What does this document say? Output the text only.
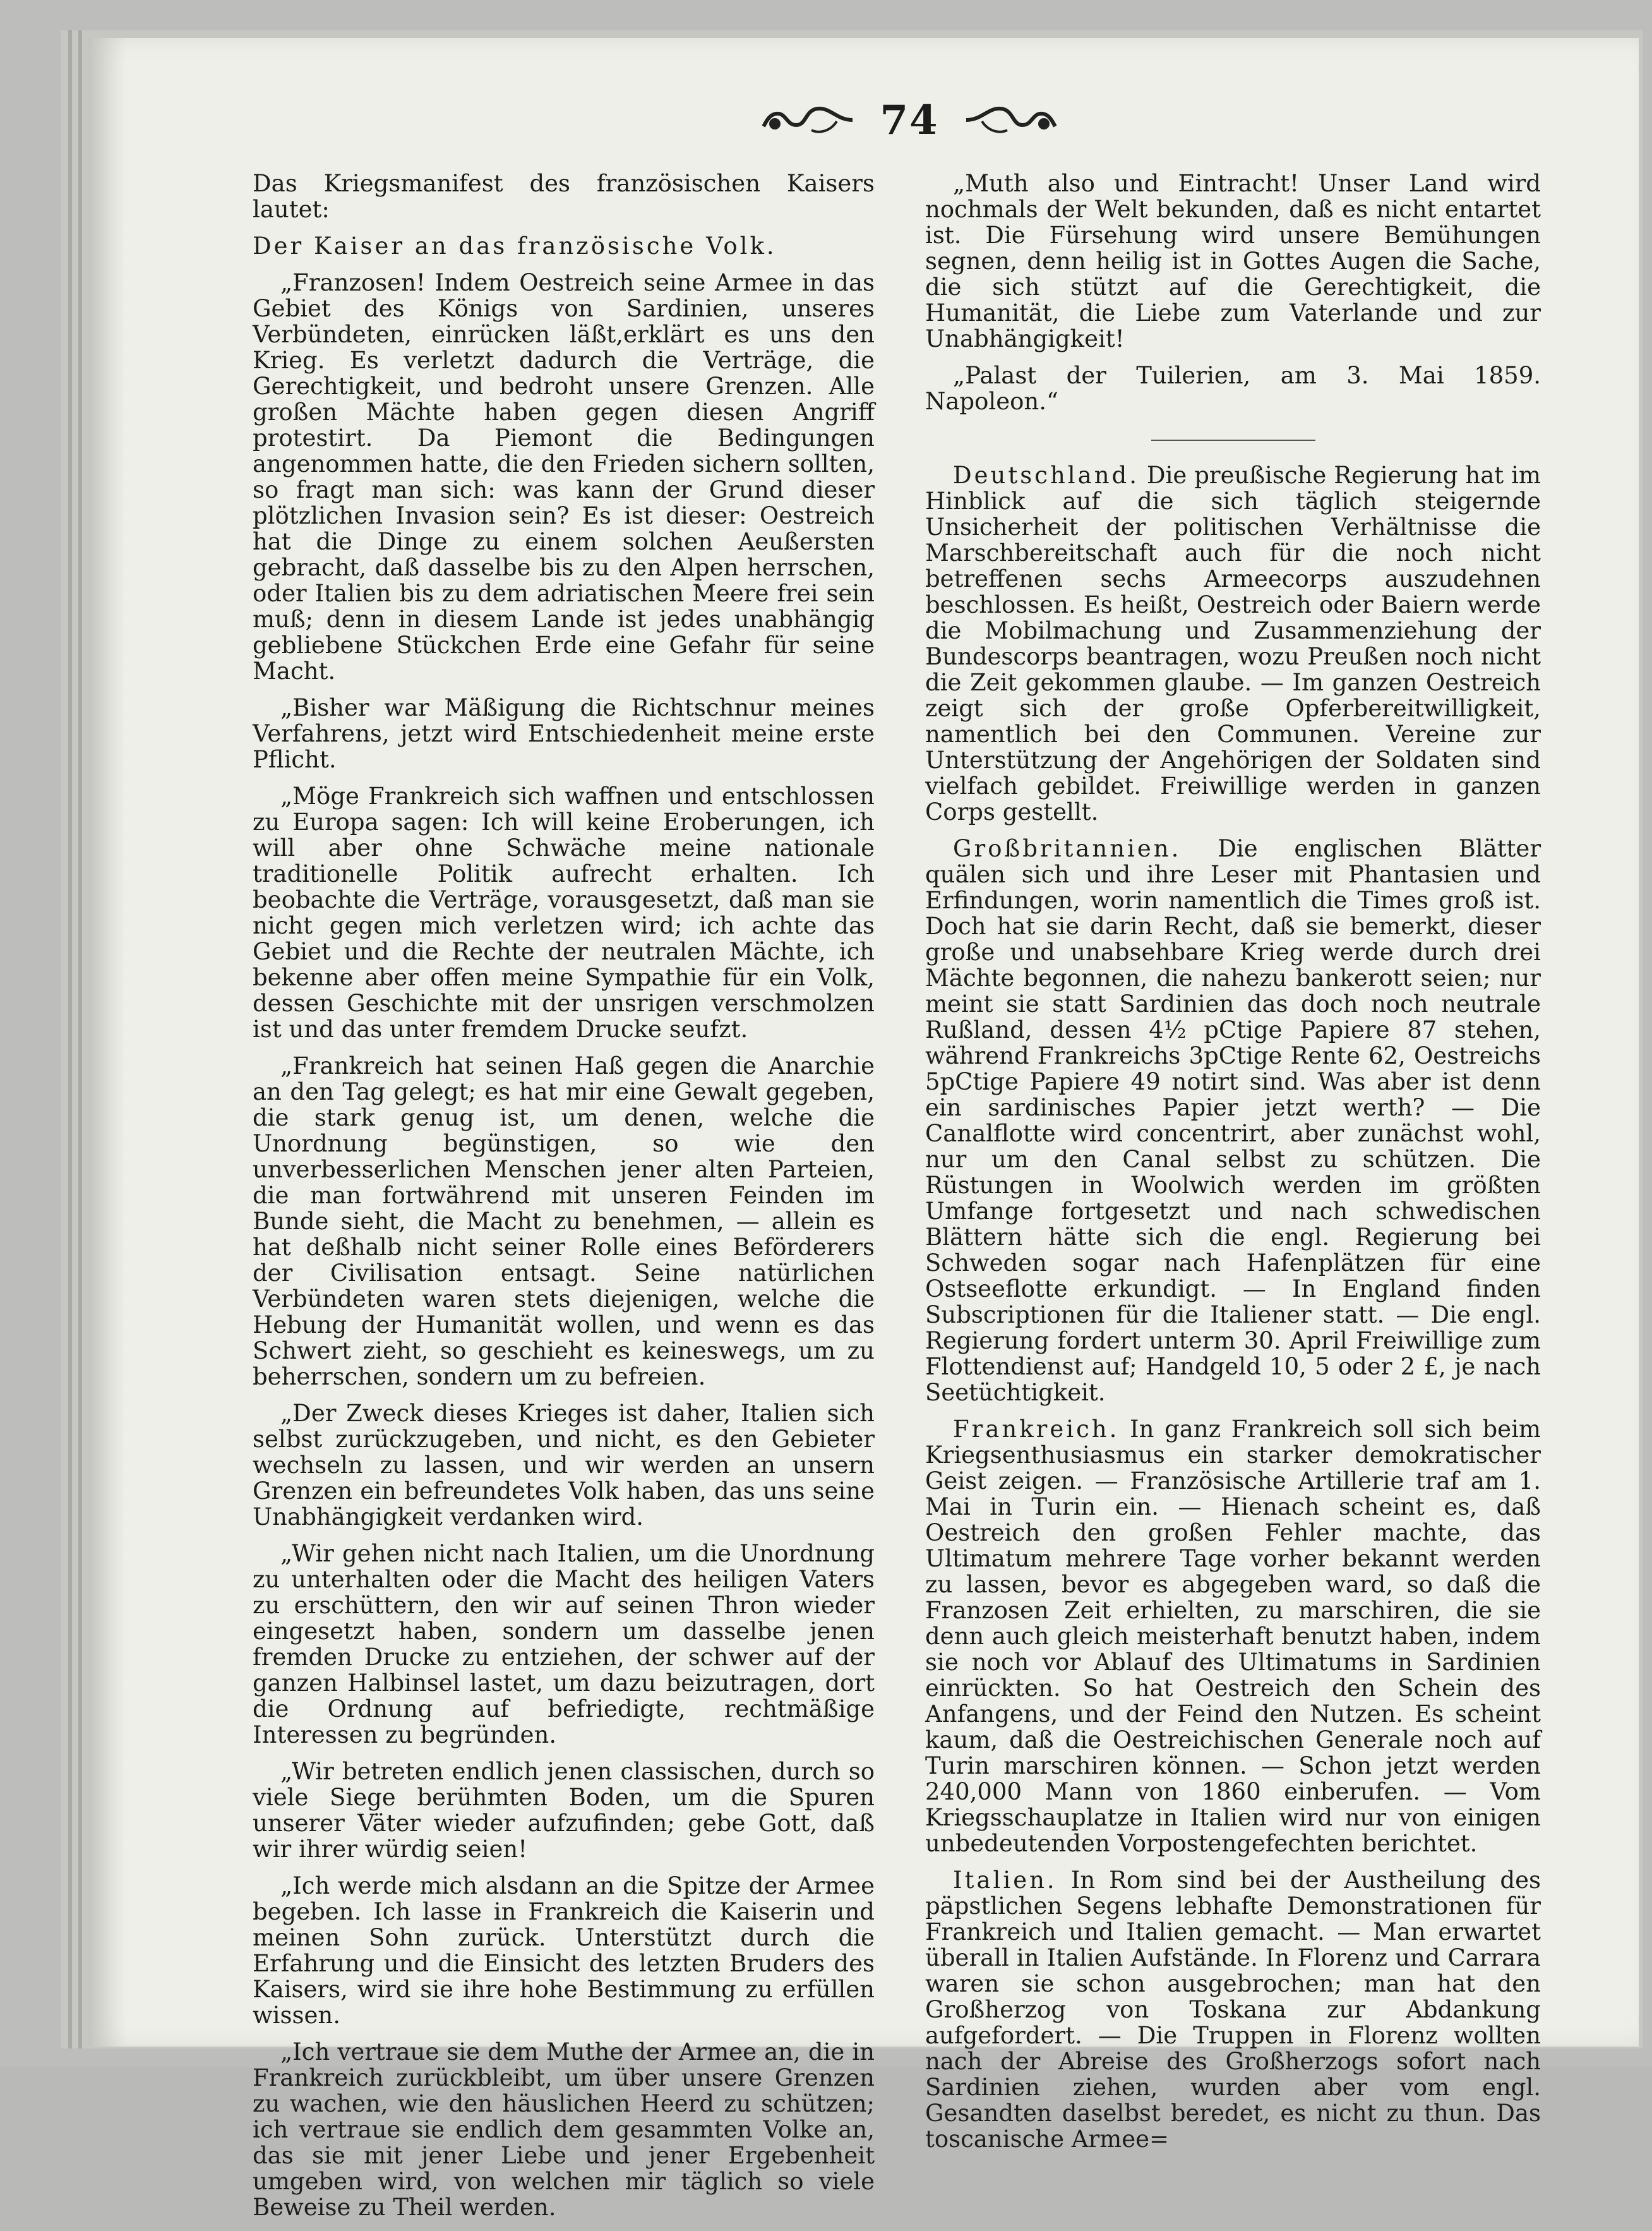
74

Das Kriegsmanifest des französischen Kaisers lautet:

Der Kaiser an das französische Volk.

„Franzosen! Indem Oestreich seine Armee in das Gebiet des Königs von Sardinien, unseres Verbündeten, einrücken läßt,erklärt es uns den Krieg. Es verletzt dadurch die Verträge, die Gerechtigkeit, und bedroht unsere Grenzen. Alle großen Mächte haben gegen diesen Angriff protestirt. Da Piemont die Bedingungen angenommen hatte, die den Frieden sichern sollten, so fragt man sich: was kann der Grund dieser plötzlichen Invasion sein? Es ist dieser: Oestreich hat die Dinge zu einem solchen Aeußersten gebracht, daß dasselbe bis zu den Alpen herrschen, oder Italien bis zu dem adriatischen Meere frei sein muß; denn in diesem Lande ist jedes unabhängig gebliebene Stückchen Erde eine Gefahr für seine Macht.

„Bisher war Mäßigung die Richtschnur meines Verfahrens, jetzt wird Entschiedenheit meine erste Pflicht.

„Möge Frankreich sich waffnen und entschlossen zu Europa sagen: Ich will keine Eroberungen, ich will aber ohne Schwäche meine nationale traditionelle Politik aufrecht erhalten. Ich beobachte die Verträge, vorausgesetzt, daß man sie nicht gegen mich verletzen wird; ich achte das Gebiet und die Rechte der neutralen Mächte, ich bekenne aber offen meine Sympathie für ein Volk, dessen Geschichte mit der unsrigen verschmolzen ist und das unter fremdem Drucke seufzt.

„Frankreich hat seinen Haß gegen die Anarchie an den Tag gelegt; es hat mir eine Gewalt gegeben, die stark genug ist, um denen, welche die Unordnung begünstigen, so wie den unverbesserlichen Menschen jener alten Parteien, die man fortwährend mit unseren Feinden im Bunde sieht, die Macht zu benehmen, — allein es hat deßhalb nicht seiner Rolle eines Beförderers der Civilisation entsagt. Seine natürlichen Verbündeten waren stets diejenigen, welche die Hebung der Humanität wollen, und wenn es das Schwert zieht, so geschieht es keineswegs, um zu beherrschen, sondern um zu befreien.

„Der Zweck dieses Krieges ist daher, Italien sich selbst zurückzugeben, und nicht, es den Gebieter wechseln zu lassen, und wir werden an unsern Grenzen ein befreundetes Volk haben, das uns seine Unabhängigkeit verdanken wird.

„Wir gehen nicht nach Italien, um die Unordnung zu unterhalten oder die Macht des heiligen Vaters zu erschüttern, den wir auf seinen Thron wieder eingesetzt haben, sondern um dasselbe jenen fremden Drucke zu entziehen, der schwer auf der ganzen Halbinsel lastet, um dazu beizutragen, dort die Ordnung auf befriedigte, rechtmäßige Interessen zu begründen.

„Wir betreten endlich jenen classischen, durch so viele Siege berühmten Boden, um die Spuren unserer Väter wieder aufzufinden; gebe Gott, daß wir ihrer würdig seien!

„Ich werde mich alsdann an die Spitze der Armee begeben. Ich lasse in Frankreich die Kaiserin und meinen Sohn zurück. Unterstützt durch die Erfahrung und die Einsicht des letzten Bruders des Kaisers, wird sie ihre hohe Bestimmung zu erfüllen wissen.

„Ich vertraue sie dem Muthe der Armee an, die in Frankreich zurückbleibt, um über unsere Grenzen zu wachen, wie den häuslichen Heerd zu schützen; ich vertraue sie endlich dem gesammten Volke an, das sie mit jener Liebe und jener Ergebenheit umgeben wird, von welchen mir täglich so viele Beweise zu Theil werden.

„Muth also und Eintracht! Unser Land wird nochmals der Welt bekunden, daß es nicht entartet ist. Die Fürsehung wird unsere Bemühungen segnen, denn heilig ist in Gottes Augen die Sache, die sich stützt auf die Gerechtigkeit, die Humanität, die Liebe zum Vaterlande und zur Unabhängigkeit!

„Palast der Tuilerien, am 3. Mai 1859. Napoleon.“

Deutschland. Die preußische Regierung hat im Hinblick auf die sich täglich steigernde Unsicherheit der politischen Verhältnisse die Marschbereitschaft auch für die noch nicht betreffenen sechs Armeecorps auszudehnen beschlossen. Es heißt, Oestreich oder Baiern werde die Mobilmachung und Zusammenziehung der Bundescorps beantragen, wozu Preußen noch nicht die Zeit gekommen glaube. — Im ganzen Oestreich zeigt sich der große Opferbereitwilligkeit, namentlich bei den Communen. Vereine zur Unterstützung der Angehörigen der Soldaten sind vielfach gebildet. Freiwillige werden in ganzen Corps gestellt.

Großbritannien. Die englischen Blätter quälen sich und ihre Leser mit Phantasien und Erfindungen, worin namentlich die Times groß ist. Doch hat sie darin Recht, daß sie bemerkt, dieser große und unabsehbare Krieg werde durch drei Mächte begonnen, die nahezu bankerott seien; nur meint sie statt Sardinien das doch noch neutrale Rußland, dessen 4½ pCtige Papiere 87 stehen, während Frankreichs 3pCtige Rente 62, Oestreichs 5pCtige Papiere 49 notirt sind. Was aber ist denn ein sardinisches Papier jetzt werth? — Die Canalflotte wird concentrirt, aber zunächst wohl, nur um den Canal selbst zu schützen. Die Rüstungen in Woolwich werden im größten Umfange fortgesetzt und nach schwedischen Blättern hätte sich die engl. Regierung bei Schweden sogar nach Hafenplätzen für eine Ostseeflotte erkundigt. — In England finden Subscriptionen für die Italiener statt. — Die engl. Regierung fordert unterm 30. April Freiwillige zum Flottendienst auf; Handgeld 10, 5 oder 2 £, je nach Seetüchtigkeit.

Frankreich. In ganz Frankreich soll sich beim Kriegsenthusiasmus ein starker demokratischer Geist zeigen. — Französische Artillerie traf am 1. Mai in Turin ein. — Hienach scheint es, daß Oestreich den großen Fehler machte, das Ultimatum mehrere Tage vorher bekannt werden zu lassen, bevor es abgegeben ward, so daß die Franzosen Zeit erhielten, zu marschiren, die sie denn auch gleich meisterhaft benutzt haben, indem sie noch vor Ablauf des Ultimatums in Sardinien einrückten. So hat Oestreich den Schein des Anfangens, und der Feind den Nutzen. Es scheint kaum, daß die Oestreichischen Generale noch auf Turin marschiren können. — Schon jetzt werden 240,000 Mann von 1860 einberufen. — Vom Kriegsschauplatze in Italien wird nur von einigen unbedeutenden Vorpostengefechten berichtet.

Italien. In Rom sind bei der Austheilung des päpstlichen Segens lebhafte Demonstrationen für Frankreich und Italien gemacht. — Man erwartet überall in Italien Aufstände. In Florenz und Carrara waren sie schon ausgebrochen; man hat den Großherzog von Toskana zur Abdankung aufgefordert. — Die Truppen in Florenz wollten nach der Abreise des Großherzogs sofort nach Sardinien ziehen, wurden aber vom engl. Gesandten daselbst beredet, es nicht zu thun. Das toscanische Armee=
